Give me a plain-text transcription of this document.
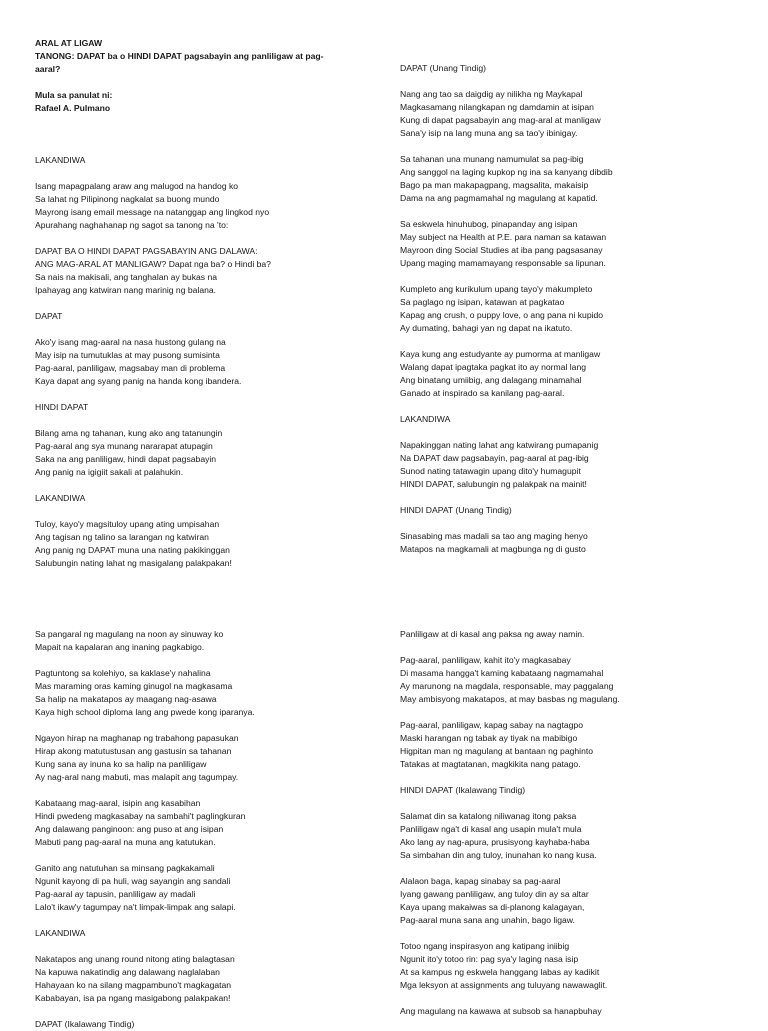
ARAL AT LIGAW
TANONG: DAPAT ba o HINDI DAPAT pagsabayin ang panliligaw at pag-
aaral?
Mula sa panulat ni:
Rafael A. Pulmano

LAKANDIWA
Isang mapagpalang araw ang malugod na handog ko
Sa lahat ng Pilipinong nagkalat sa buong mundo
Mayrong isang email message na natanggap ang lingkod nyo
Apurahang naghahanap ng sagot sa tanong na 'to:
DAPAT BA O HINDI DAPAT PAGSABAYIN ANG DALAWA:
ANG MAG-ARAL AT MANLIGAW? Dapat nga ba? o Hindi ba?
Sa nais na makisali, ang tanghalan ay bukas na
Ipahayag ang katwiran nang marinig ng balana.
DAPAT
Ako'y isang mag-aaral na nasa hustong gulang na
May isip na tumutuklas at may pusong sumisinta
Pag-aaral, panliligaw, magsabay man di problema
Kaya dapat ang syang panig na handa kong ibandera.
HINDI DAPAT
Bilang ama ng tahanan, kung ako ang tatanungin
Pag-aaral ang sya munang nararapat atupagin
Saka na ang panliligaw, hindi dapat pagsabayin
Ang panig na igigiit sakali at palahukin.
LAKANDIWA
Tuloy, kayo'y magsituloy upang ating umpisahan
Ang tagisan ng talino sa larangan ng katwiran
Ang panig ng DAPAT muna una nating pakikinggan
Salubungin nating lahat ng masigalang palakpakan!
DAPAT (Unang Tindig)
Nang ang tao sa daigdig ay nilikha ng Maykapal
Magkasamang nilangkapan ng damdamin at isipan
Kung di dapat pagsabayin ang mag-aral at manligaw
Sana'y isip na lang muna ang sa tao'y ibinigay.
Sa tahanan una munang namumulat sa pag-ibig
Ang sanggol na laging kupkop ng ina sa kanyang dibdib
Bago pa man makapagpang, magsalita, makaisip
Dama na ang pagmamahal ng magulang at kapatid.
Sa eskwela hinuhubog, pinapanday ang isipan
May subject na Health at P.E. para naman sa katawan
Mayroon ding Social Studies at iba pang pagsasanay
Upang maging mamamayang responsable sa lipunan.
Kumpleto ang kurikulum upang tayo'y makumpleto
Sa paglago ng isipan, katawan at pagkatao
Kapag ang crush, o puppy love, o ang pana ni kupido
Ay dumating, bahagi yan ng dapat na ikatuto.
Kaya kung ang estudyante ay pumorma at manligaw
Walang dapat ipagtaka pagkat ito ay normal lang
Ang binatang umiibig, ang dalagang minamahal
Ganado at inspirado sa kanilang pag-aaral.
LAKANDIWA
Napakinggan nating lahat ang katwirang pumapanig
Na DAPAT daw pagsabayin, pag-aaral at pag-ibig
Sunod nating tatawagin upang dito'y humagupit
HINDI DAPAT, salubungin ng palakpak na mainit!
HINDI DAPAT (Unang Tindig)
Sinasabing mas madali sa tao ang maging henyo
Matapos na magkamali at magbunga ng di gusto
Sa pangaral ng magulang na noon ay sinuway ko
Mapait na kapalaran ang inaning pagkabigo.
Pagtuntong sa kolehiyo, sa kaklase'y nahalina
Mas maraming oras kaming ginugol na magkasama
Sa halip na makatapos ay maagang nag-asawa
Kaya high school diploma lang ang pwede kong iparanya.
Ngayon hirap na maghanap ng trabahong papasukan
Hirap akong matutustusan ang gastusin sa tahanan
Kung sana ay inuna ko sa halip na panliligaw
Ay nag-aral nang mabuti, mas malapit ang tagumpay.
Kabataang mag-aaral, isipin ang kasabihan
Hindi pwedeng magkasabay na sambahi't paglingkuran
Ang dalawang panginoon: ang puso at ang isipan
Mabuti pang pag-aaral na muna ang katutukan.
Ganito ang natutuhan sa minsang pagkakamali
Ngunit kayong di pa huli, wag sayangin ang sandali
Pag-aaral ay tapusin, panliligaw ay madali
Lalo't ikaw'y tagumpay na't limpak-limpak ang salapi.
LAKANDIWA
Nakatapos ang unang round nitong ating balagtasan
Na kapuwa nakatindig ang dalawang naglalaban
Hahayaan ko na silang magpambuno't magkagatan
Kababayan, isa pa ngang masigabong palakpakan!
Panliligaw at di kasal ang paksa ng away namin.
Pag-aaral, panliligaw, kahit ito'y magkasabay
Di masama hangga't kaming kabataang nagmamahal
Ay marunong na magdala, responsable, may paggalang
May ambisyong makatapos, at may basbas ng magulang.
Pag-aaral, panliligaw, kapag sabay na nagtagpo
Maski harangan ng tabak ay tiyak na mabibigo
Higpitan man ng magulang at bantaan ng paghinto
Tatakas at magtatanan, magkikita nang patago.
HINDI DAPAT (Ikalawang Tindig)
Salamat din sa katalong niliwanag itong paksa
Panliligaw nga't di kasal ang usapin mula't mula
Ako lang ay nag-apura, prusisyong kayhaba-haba
Sa simbahan din ang tuloy, inunahan ko nang kusa.
Alalaon baga, kapag sinabay sa pag-aaral
Iyang gawang panliligaw, ang tuloy din ay sa altar
Kaya upang makaiwas sa di-planong kalagayan,
Pag-aaral muna sana ang unahin, bago ligaw.
Totoo ngang inspirasyon ang katipang iniibig
Ngunit ito'y totoo rin: pag sya'y laging nasa isip
At sa kampus ng eskwela hanggang labas ay kadikit
Mga leksyon at assignments ang tuluyang nawawaglit.
Ang magulang na kawawa at subsob sa hanapbuhay
DAPAT (Ikalawang Tindig)
